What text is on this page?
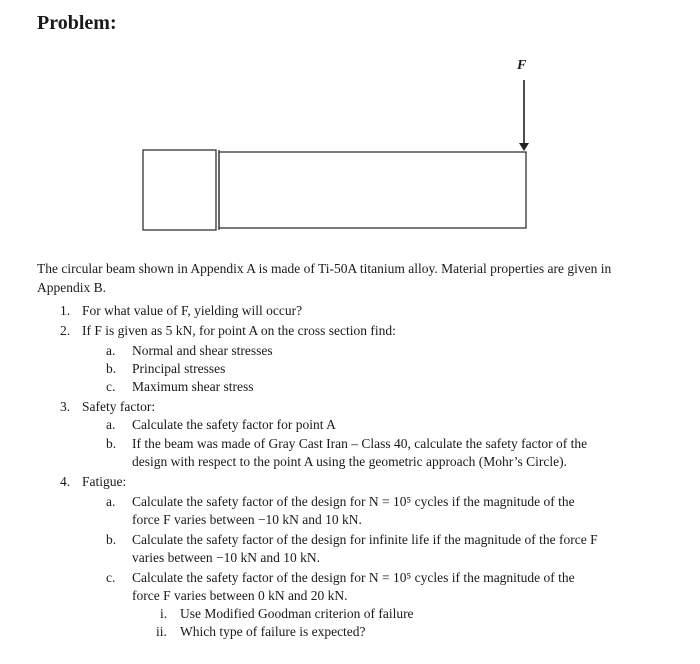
Problem:
F
The circular beam shown in Appendix A is made of Ti-50A titanium alloy. Material properties are given in Appendix B.
1. For what value of F, yielding will occur?
2. If F is given as 5 kN, for point A on the cross section find:
a. Normal and shear stresses
b. Principal stresses
c. Maximum shear stress
3. Safety factor:
a. Calculate the safety factor for point A
b. If the beam was made of Gray Cast Iran – Class 40, calculate the safety factor of the
design with respect to the point A using the geometric approach (Mohr’s Circle).
4. Fatigue:
a. Calculate the safety factor of the design for N = 10⁵ cycles if the magnitude of the
force F varies between −10 kN and 10 kN.
b. Calculate the safety factor of the design for infinite life if the magnitude of the force F
varies between −10 kN and 10 kN.
c. Calculate the safety factor of the design for N = 10⁵ cycles if the magnitude of the
force F varies between 0 kN and 20 kN.
i. Use Modified Goodman criterion of failure
ii. Which type of failure is expected?
